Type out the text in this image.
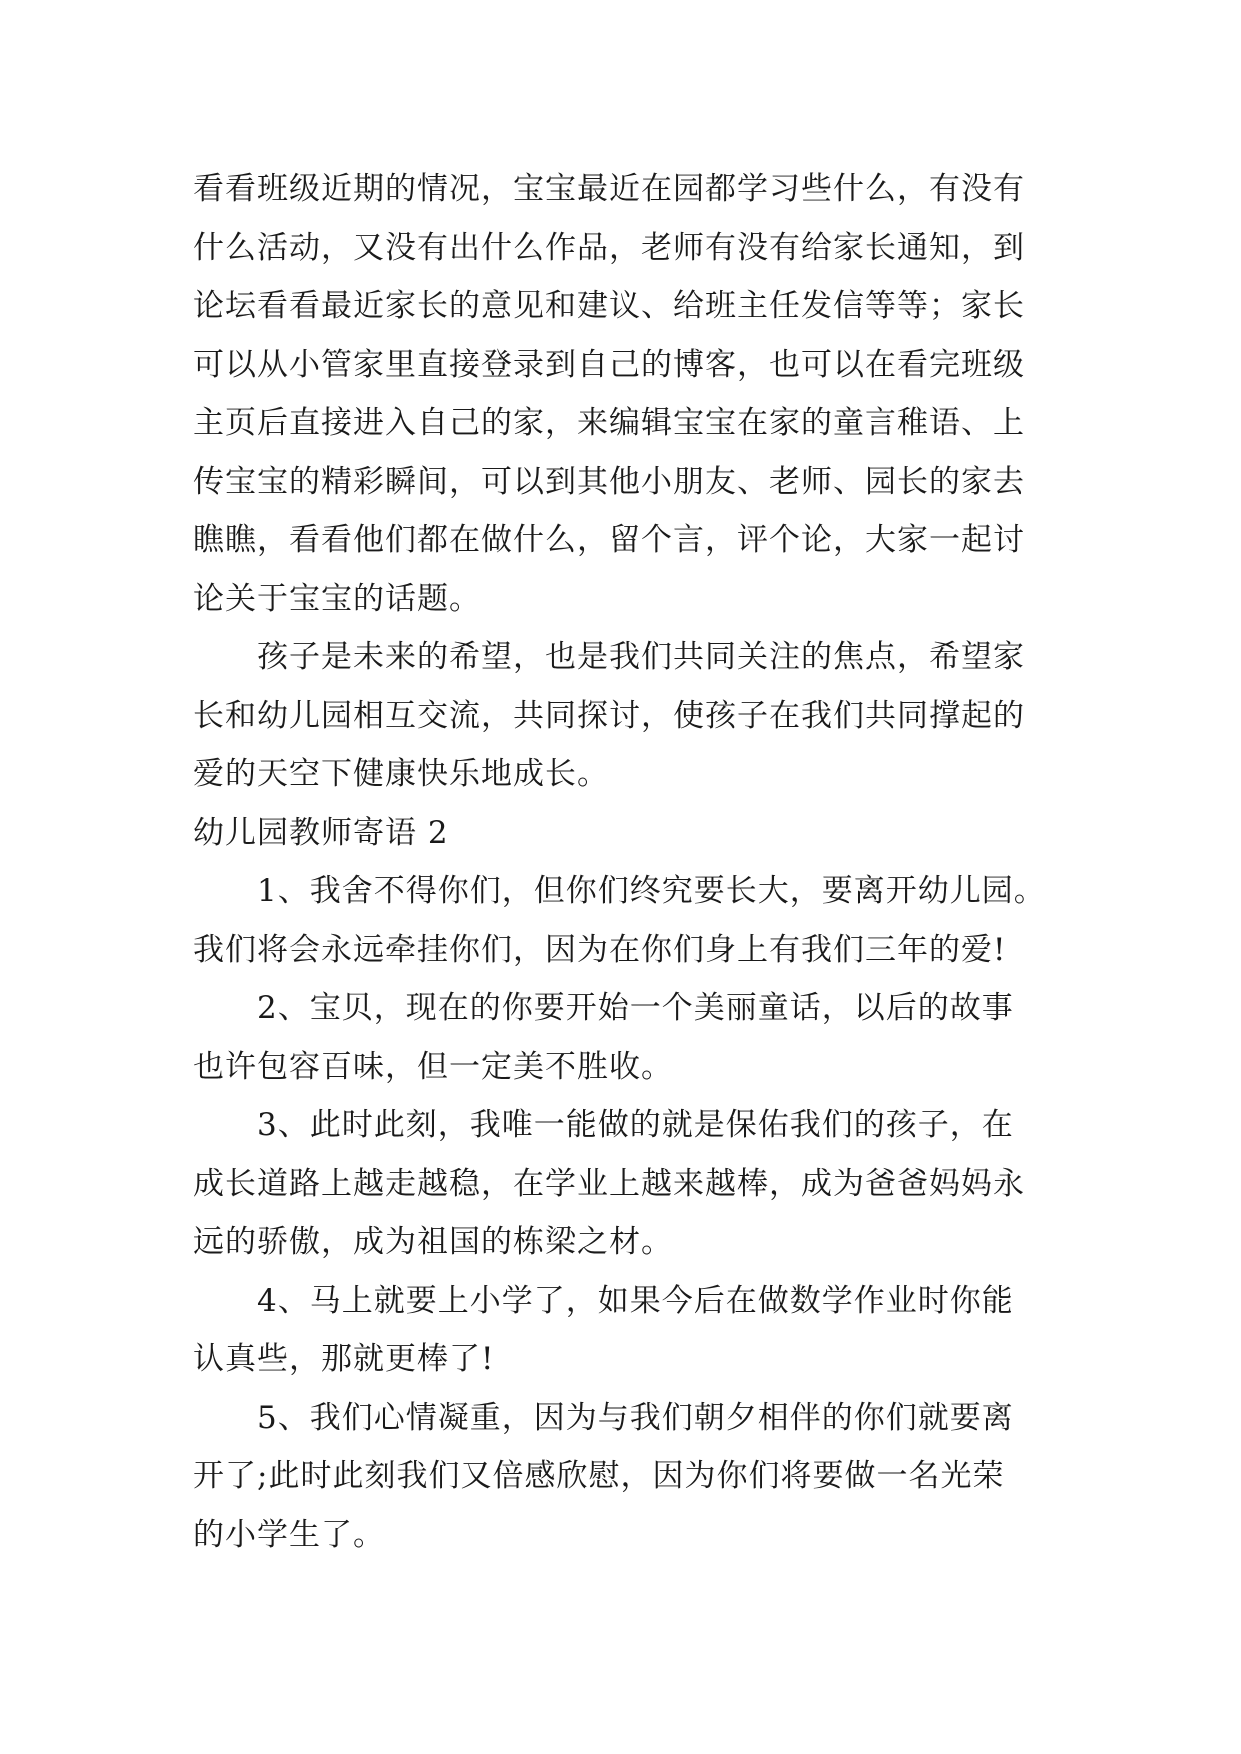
看看班级近期的情况，宝宝最近在园都学习些什么，有没有
什么活动，又没有出什么作品，老师有没有给家长通知，到
论坛看看最近家长的意见和建议、给班主任发信等等；家长
可以从小管家里直接登录到自己的博客，也可以在看完班级
主页后直接进入自己的家，来编辑宝宝在家的童言稚语、上
传宝宝的精彩瞬间，可以到其他小朋友、老师、园长的家去
瞧瞧，看看他们都在做什么，留个言，评个论，大家一起讨
论关于宝宝的话题。
孩子是未来的希望，也是我们共同关注的焦点，希望家
长和幼儿园相互交流，共同探讨，使孩子在我们共同撑起的
爱的天空下健康快乐地成长。
幼儿园教师寄语 2
1、我舍不得你们，但你们终究要长大，要离开幼儿园。
我们将会永远牵挂你们，因为在你们身上有我们三年的爱!
2、宝贝，现在的你要开始一个美丽童话，以后的故事
也许包容百味，但一定美不胜收。
3、此时此刻，我唯一能做的就是保佑我们的孩子，在
成长道路上越走越稳，在学业上越来越棒，成为爸爸妈妈永
远的骄傲，成为祖国的栋梁之材。
4、马上就要上小学了，如果今后在做数学作业时你能
认真些，那就更棒了!
5、我们心情凝重，因为与我们朝夕相伴的你们就要离
开了;此时此刻我们又倍感欣慰，因为你们将要做一名光荣
的小学生了。
